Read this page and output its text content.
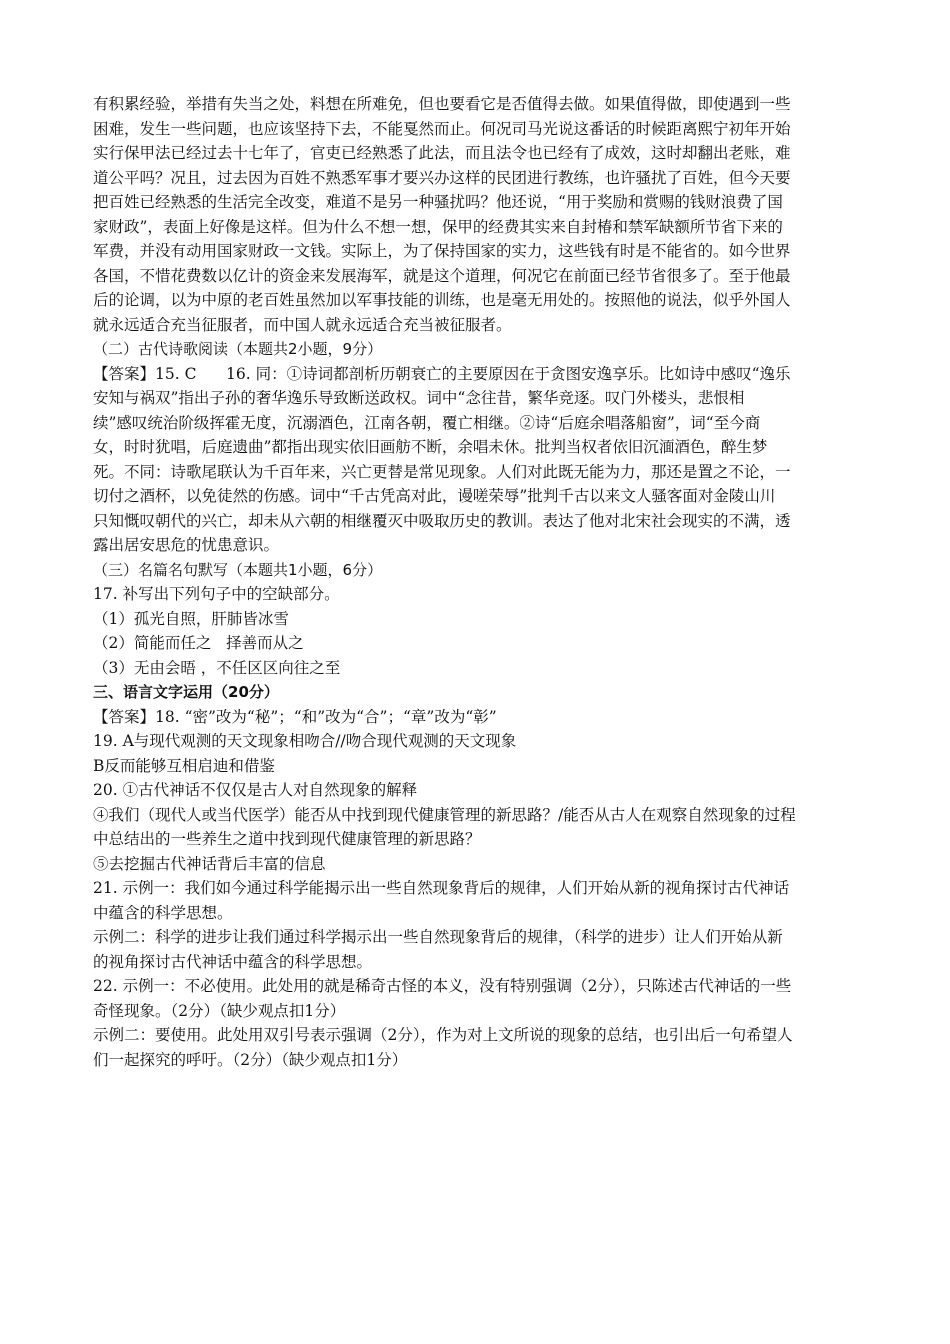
有积累经验，举措有失当之处，料想在所难免，但也要看它是否值得去做。如果值得做，即使遇到一些

困难，发生一些问题，也应该坚持下去，不能戛然而止。何况司马光说这番话的时候距离熙宁初年开始

实行保甲法已经过去十七年了，官吏已经熟悉了此法，而且法令也已经有了成效，这时却翻出老账，难

道公平吗？况且，过去因为百姓不熟悉军事才要兴办这样的民团进行教练，也许骚扰了百姓，但今天要

把百姓已经熟悉的生活完全改变，难道不是另一种骚扰吗？他还说，“用于奖励和赏赐的钱财浪费了国

家财政”，表面上好像是这样。但为什么不想一想，保甲的经费其实来自封椿和禁军缺额所节省下来的

军费，并没有动用国家财政一文钱。实际上，为了保持国家的实力，这些钱有时是不能省的。如今世界

各国，不惜花费数以亿计的资金来发展海军，就是这个道理，何况它在前面已经节省很多了。至于他最

后的论调，以为中原的老百姓虽然加以军事技能的训练，也是毫无用处的。按照他的说法，似乎外国人

就永远适合充当征服者，而中国人就永远适合充当被征服者。

（二）古代诗歌阅读（本题共2小题，9分）

【答案】15. C      16. 同：①诗词都剖析历朝衰亡的主要原因在于贪图安逸享乐。比如诗中感叹“逸乐

安知与祸双”指出子孙的奢华逸乐导致断送政权。词中“念往昔，繁华竞逐。叹门外楼头，悲恨相

续”感叹统治阶级挥霍无度，沉溺酒色，江南各朝，覆亡相继。②诗“后庭余唱落船窗”，词“至今商

女，时时犹唱，后庭遗曲”都指出现实依旧画舫不断，余唱未休。批判当权者依旧沉湎酒色，醉生梦

死。不同：诗歌尾联认为千百年来，兴亡更替是常见现象。人们对此既无能为力，那还是置之不论，一

切付之酒杯，以免徒然的伤感。词中“千古凭高对此，谩嗟荣辱”批判千古以来文人骚客面对金陵山川

只知慨叹朝代的兴亡，却未从六朝的相继覆灭中吸取历史的教训。表达了他对北宋社会现实的不满，透

露出居安思危的忧患意识。

（三）名篇名句默写（本题共1小题，6分）

17. 补写出下列句子中的空缺部分。

（1）孤光自照，肝肺皆冰雪

（2）简能而任之   择善而从之

（3）无由会晤 ，不任区区向往之至

三、语言文字运用（20分）

【答案】18. “密”改为“秘”；“和”改为“合”；“章”改为“彰”

19. A与现代观测的天文现象相吻合//吻合现代观测的天文现象

B反而能够互相启迪和借鉴

20. ①古代神话不仅仅是古人对自然现象的解释

④我们（现代人或当代医学）能否从中找到现代健康管理的新思路？/能否从古人在观察自然现象的过程

中总结出的一些养生之道中找到现代健康管理的新思路？

⑤去挖掘古代神话背后丰富的信息

21. 示例一：我们如今通过科学能揭示出一些自然现象背后的规律，人们开始从新的视角探讨古代神话

中蕴含的科学思想。

示例二：科学的进步让我们通过科学揭示出一些自然现象背后的规律，（科学的进步）让人们开始从新

的视角探讨古代神话中蕴含的科学思想。

22. 示例一：不必使用。此处用的就是稀奇古怪的本义，没有特别强调（2分），只陈述古代神话的一些

奇怪现象。（2分）（缺少观点扣1分）

示例二：要使用。此处用双引号表示强调（2分），作为对上文所说的现象的总结，也引出后一句希望人

们一起探究的呼吁。（2分）（缺少观点扣1分）
